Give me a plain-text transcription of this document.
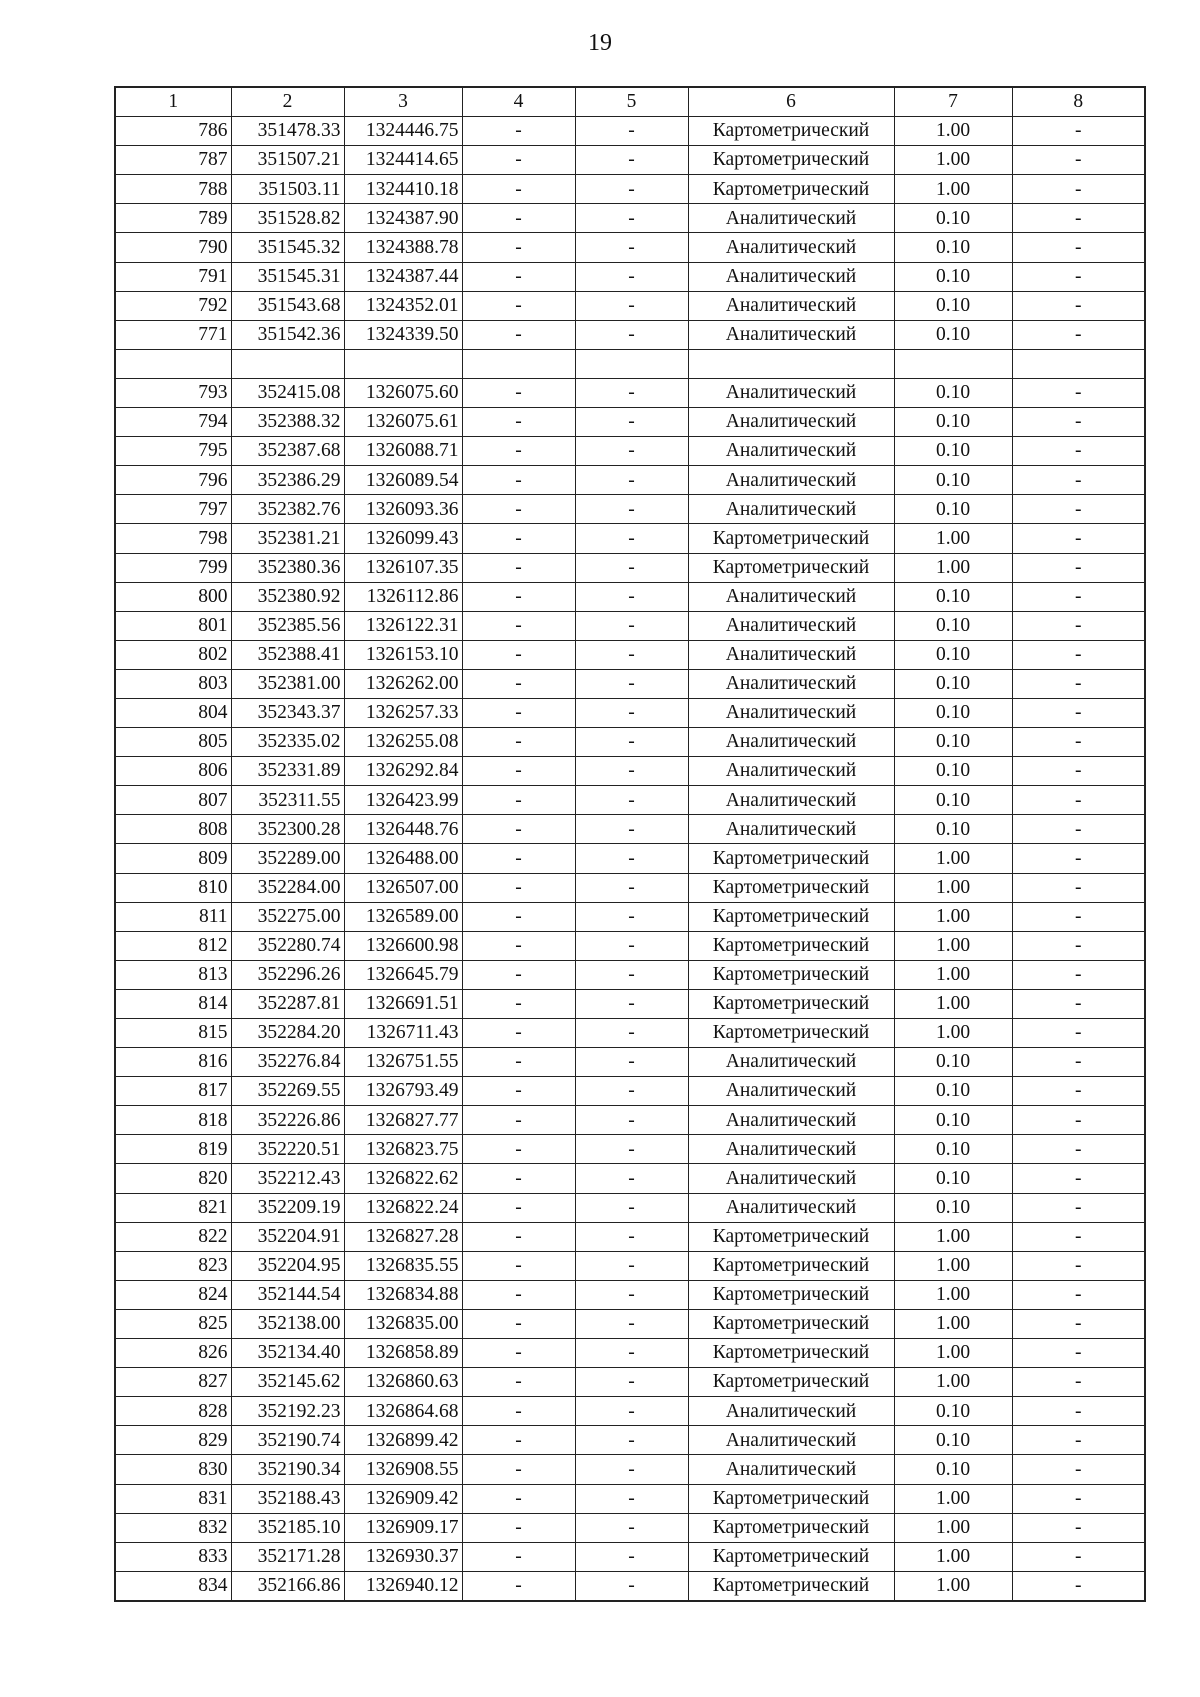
19
1	2	3	4	5	6	7	8
786	351478.33	1324446.75	-	-	Картометрический	1.00	-
787	351507.21	1324414.65	-	-	Картометрический	1.00	-
788	351503.11	1324410.18	-	-	Картометрический	1.00	-
789	351528.82	1324387.90	-	-	Аналитический	0.10	-
790	351545.32	1324388.78	-	-	Аналитический	0.10	-
791	351545.31	1324387.44	-	-	Аналитический	0.10	-
792	351543.68	1324352.01	-	-	Аналитический	0.10	-
771	351542.36	1324339.50	-	-	Аналитический	0.10	-

793	352415.08	1326075.60	-	-	Аналитический	0.10	-
794	352388.32	1326075.61	-	-	Аналитический	0.10	-
795	352387.68	1326088.71	-	-	Аналитический	0.10	-
796	352386.29	1326089.54	-	-	Аналитический	0.10	-
797	352382.76	1326093.36	-	-	Аналитический	0.10	-
798	352381.21	1326099.43	-	-	Картометрический	1.00	-
799	352380.36	1326107.35	-	-	Картометрический	1.00	-
800	352380.92	1326112.86	-	-	Аналитический	0.10	-
801	352385.56	1326122.31	-	-	Аналитический	0.10	-
802	352388.41	1326153.10	-	-	Аналитический	0.10	-
803	352381.00	1326262.00	-	-	Аналитический	0.10	-
804	352343.37	1326257.33	-	-	Аналитический	0.10	-
805	352335.02	1326255.08	-	-	Аналитический	0.10	-
806	352331.89	1326292.84	-	-	Аналитический	0.10	-
807	352311.55	1326423.99	-	-	Аналитический	0.10	-
808	352300.28	1326448.76	-	-	Аналитический	0.10	-
809	352289.00	1326488.00	-	-	Картометрический	1.00	-
810	352284.00	1326507.00	-	-	Картометрический	1.00	-
811	352275.00	1326589.00	-	-	Картометрический	1.00	-
812	352280.74	1326600.98	-	-	Картометрический	1.00	-
813	352296.26	1326645.79	-	-	Картометрический	1.00	-
814	352287.81	1326691.51	-	-	Картометрический	1.00	-
815	352284.20	1326711.43	-	-	Картометрический	1.00	-
816	352276.84	1326751.55	-	-	Аналитический	0.10	-
817	352269.55	1326793.49	-	-	Аналитический	0.10	-
818	352226.86	1326827.77	-	-	Аналитический	0.10	-
819	352220.51	1326823.75	-	-	Аналитический	0.10	-
820	352212.43	1326822.62	-	-	Аналитический	0.10	-
821	352209.19	1326822.24	-	-	Аналитический	0.10	-
822	352204.91	1326827.28	-	-	Картометрический	1.00	-
823	352204.95	1326835.55	-	-	Картометрический	1.00	-
824	352144.54	1326834.88	-	-	Картометрический	1.00	-
825	352138.00	1326835.00	-	-	Картометрический	1.00	-
826	352134.40	1326858.89	-	-	Картометрический	1.00	-
827	352145.62	1326860.63	-	-	Картометрический	1.00	-
828	352192.23	1326864.68	-	-	Аналитический	0.10	-
829	352190.74	1326899.42	-	-	Аналитический	0.10	-
830	352190.34	1326908.55	-	-	Аналитический	0.10	-
831	352188.43	1326909.42	-	-	Картометрический	1.00	-
832	352185.10	1326909.17	-	-	Картометрический	1.00	-
833	352171.28	1326930.37	-	-	Картометрический	1.00	-
834	352166.86	1326940.12	-	-	Картометрический	1.00	-
